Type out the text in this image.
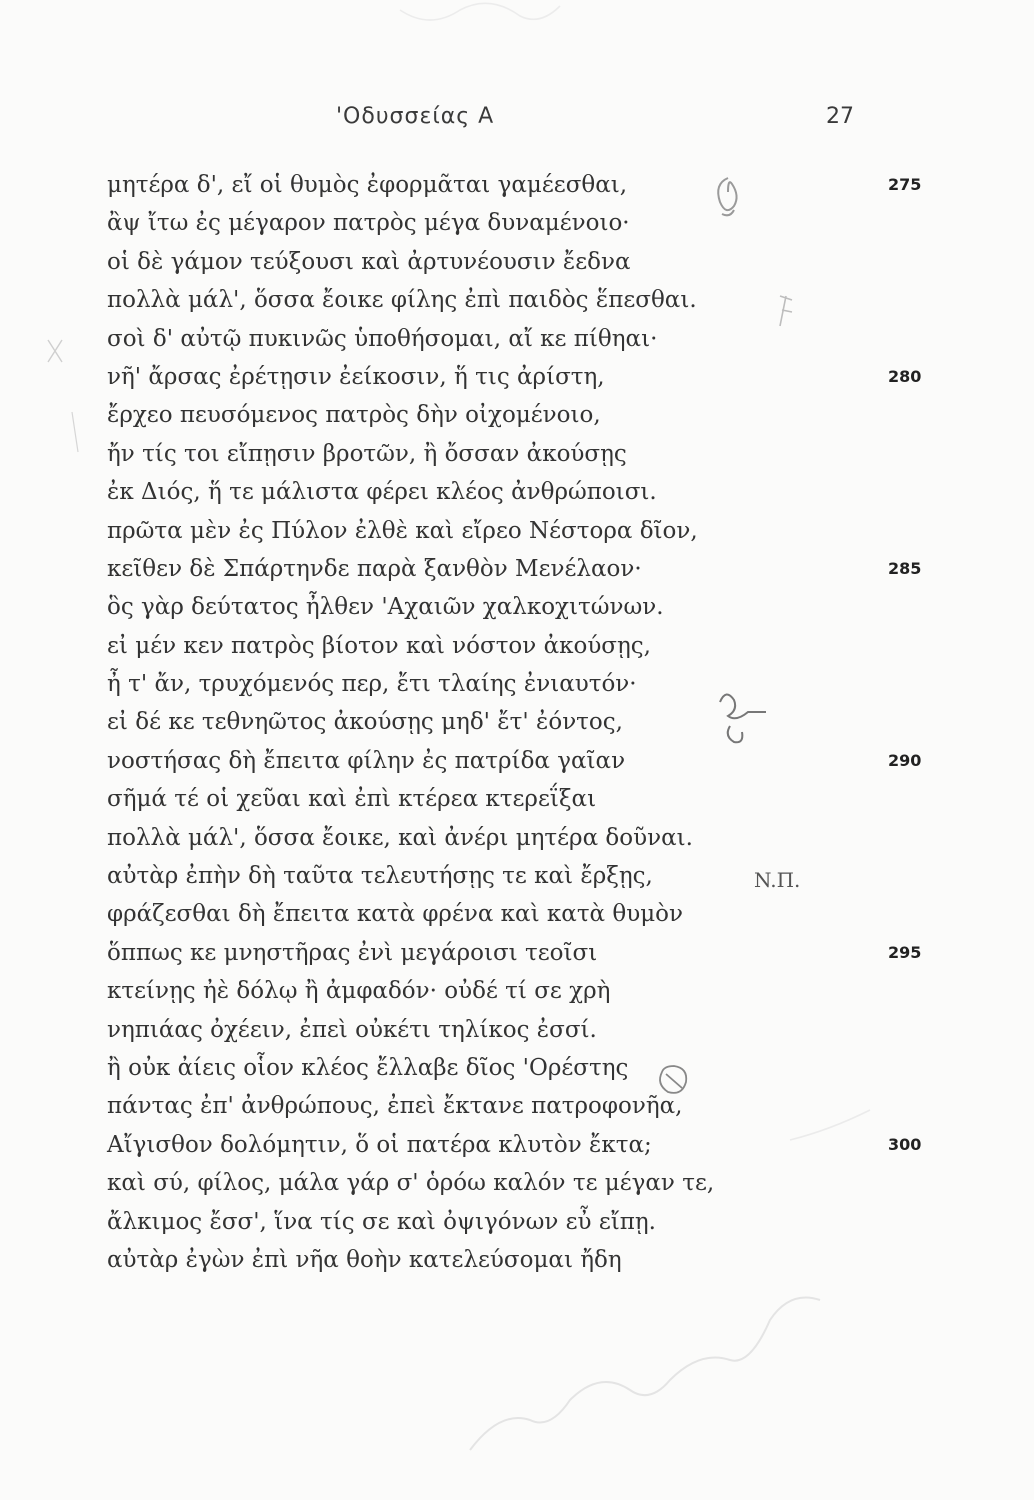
'Οδυσσείας Α	27
μητέρα δ', εἴ οἱ θυμὸς ἐφορμᾶται γαμέεσθαι,	275
ἂψ ἴτω ἐς μέγαρον πατρὸς μέγα δυναμένοιο·
οἱ δὲ γάμον τεύξουσι καὶ ἀρτυνέουσιν ἔεδνα
πολλὰ μάλ', ὅσσα ἔοικε φίλης ἐπὶ παιδὸς ἕπεσθαι.
σοὶ δ' αὐτῷ πυκινῶς ὑποθήσομαι, αἴ κε πίθηαι·
νῆ' ἄρσας ἐρέτῃσιν ἐείκοσιν, ἥ τις ἀρίστη,	280
ἔρχεο πευσόμενος πατρὸς δὴν οἰχομένοιο,
ἤν τίς τοι εἴπῃσιν βροτῶν, ἢ ὄσσαν ἀκούσῃς
ἐκ Διός, ἥ τε μάλιστα φέρει κλέος ἀνθρώποισι.
πρῶτα μὲν ἐς Πύλον ἐλθὲ καὶ εἴρεο Νέστορα δῖον,
κεῖθεν δὲ Σπάρτηνδε παρὰ ξανθὸν Μενέλαον·	285
ὃς γὰρ δεύτατος ἦλθεν 'Αχαιῶν χαλκοχιτώνων.
εἰ μέν κεν πατρὸς βίοτον καὶ νόστον ἀκούσῃς,
ἦ τ' ἄν, τρυχόμενός περ, ἔτι τλαίης ἐνιαυτόν·
εἰ δέ κε τεθνηῶτος ἀκούσῃς μηδ' ἔτ' ἐόντος,
νοστήσας δὴ ἔπειτα φίλην ἐς πατρίδα γαῖαν	290
σῆμά τέ οἱ χεῦαι καὶ ἐπὶ κτέρεα κτερεΐξαι
πολλὰ μάλ', ὅσσα ἔοικε, καὶ ἀνέρι μητέρα δοῦναι.
αὐτὰρ ἐπὴν δὴ ταῦτα τελευτήσῃς τε καὶ ἔρξῃς,
φράζεσθαι δὴ ἔπειτα κατὰ φρένα καὶ κατὰ θυμὸν
ὅππως κε μνηστῆρας ἐνὶ μεγάροισι τεοῖσι	295
κτείνῃς ἠὲ δόλῳ ἢ ἀμφαδόν· οὐδέ τί σε χρὴ
νηπιάας ὀχέειν, ἐπεὶ οὐκέτι τηλίκος ἐσσί.
ἢ οὐκ ἀίεις οἷον κλέος ἔλλαβε δῖος 'Ορέστης
πάντας ἐπ' ἀνθρώπους, ἐπεὶ ἔκτανε πατροφονῆα,
Αἴγισθον δολόμητιν, ὅ οἱ πατέρα κλυτὸν ἔκτα;	300
καὶ σύ, φίλος, μάλα γάρ σ' ὁρόω καλόν τε μέγαν τε,
ἄλκιμος ἔσσ', ἵνα τίς σε καὶ ὀψιγόνων εὖ εἴπῃ.
αὐτὰρ ἐγὼν ἐπὶ νῆα θοὴν κατελεύσομαι ἤδη
N.П.
